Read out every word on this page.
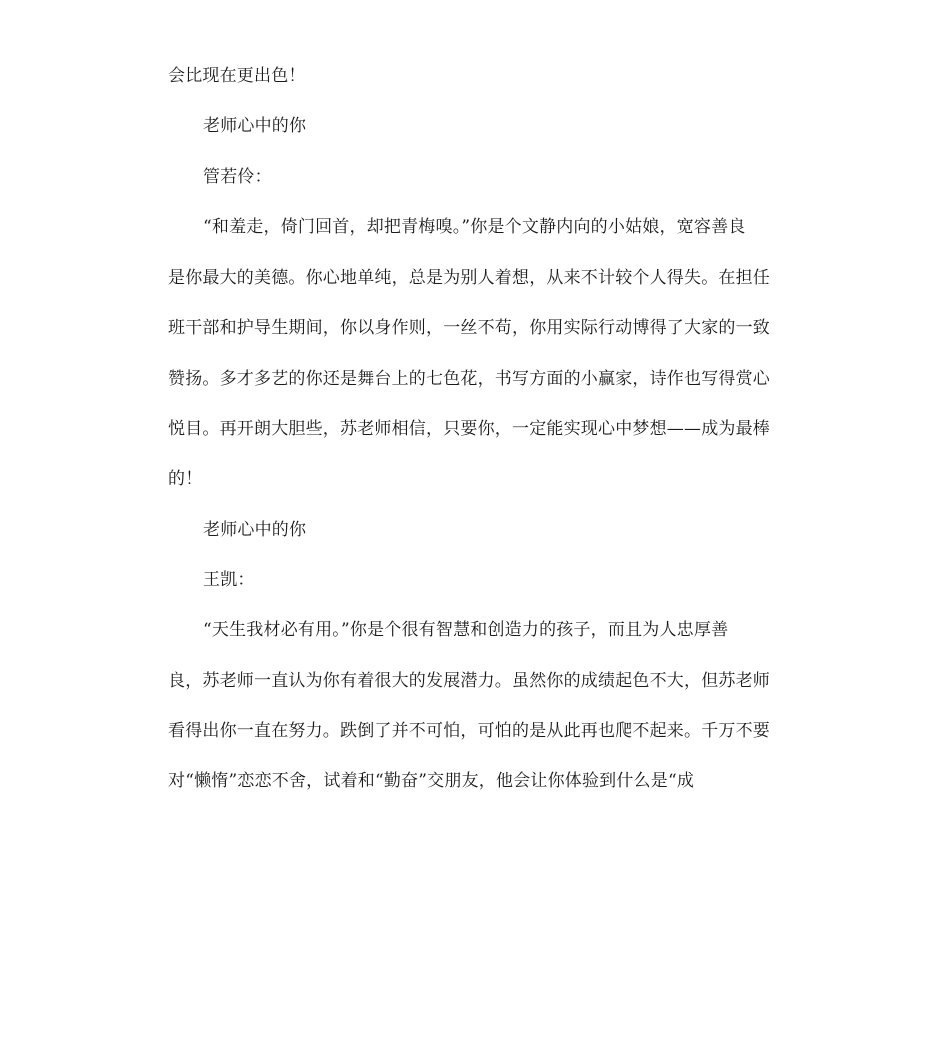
会比现在更出色！
老师心中的你
管若伶：
“和羞走，倚门回首，却把青梅嗅。”你是个文静内向的小姑娘，宽容善良
是你最大的美德。你心地单纯，总是为别人着想，从来不计较个人得失。在担任
班干部和护导生期间，你以身作则，一丝不苟，你用实际行动博得了大家的一致
赞扬。多才多艺的你还是舞台上的七色花，书写方面的小赢家，诗作也写得赏心
悦目。再开朗大胆些，苏老师相信，只要你，一定能实现心中梦想——成为最棒
的！
老师心中的你
王凯：
“天生我材必有用。”你是个很有智慧和创造力的孩子，而且为人忠厚善
良，苏老师一直认为你有着很大的发展潜力。虽然你的成绩起色不大，但苏老师
看得出你一直在努力。跌倒了并不可怕，可怕的是从此再也爬不起来。千万不要
对“懒惰”恋恋不舍，试着和“勤奋”交朋友，他会让你体验到什么是“成
